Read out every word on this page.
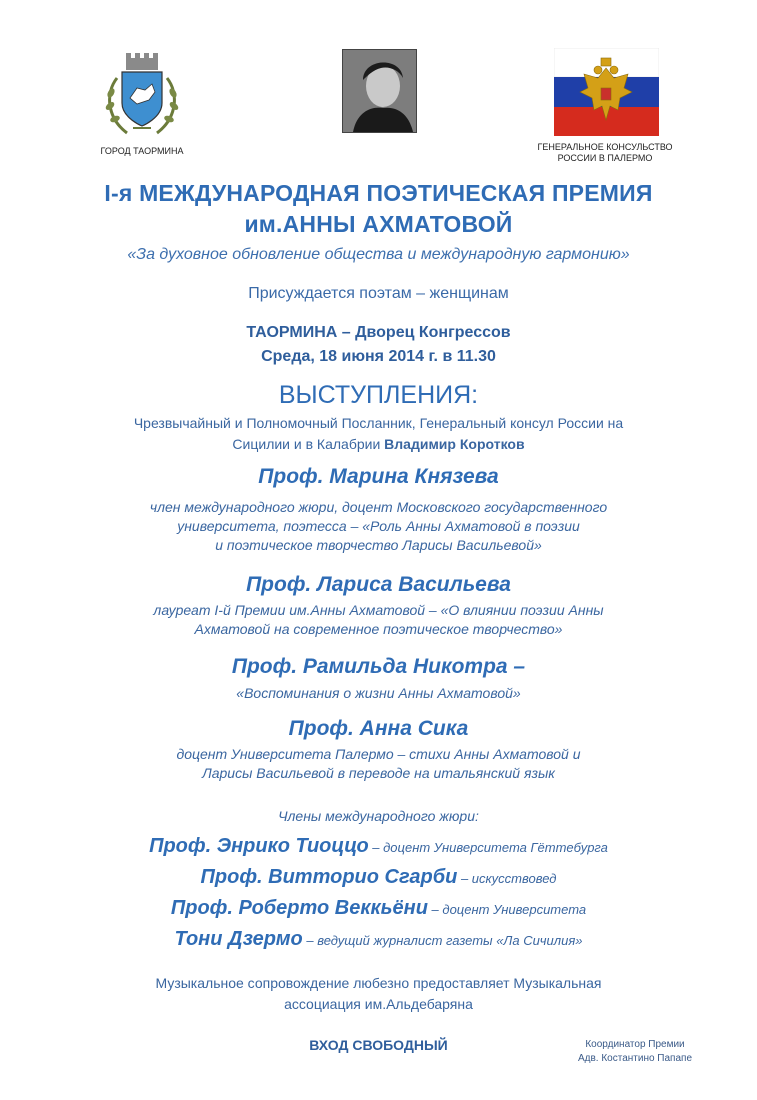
ГОРОД ТАОРМИНА	ГЕНЕРАЛЬНОЕ КОНСУЛЬСТВО
РОССИИ В ПАЛЕРМО
I-я МЕЖДУНАРОДНАЯ ПОЭТИЧЕСКАЯ ПРЕМИЯ
им.АННЫ АХМАТОВОЙ
«За духовное обновление общества и международную гармонию»
Присуждается поэтам – женщинам
ТАОРМИНА – Дворец Конгрессов
Среда, 18 июня 2014 г. в 11.30
ВЫСТУПЛЕНИЯ:
Чрезвычайный и Полномочный Посланник, Генеральный консул России на
Сицилии и в Калабрии Владимир Коротков
Проф. Марина Князева
член международного жюри, доцент Московского государственного
университета, поэтесса – «Роль Анны Ахматовой в поэзии
и поэтическое творчество Ларисы Васильевой»
Проф. Лариса Васильева
лауреат I-й Премии им.Анны Ахматовой – «О влиянии поэзии Анны
Ахматовой на современное поэтическое творчество»
Проф. Рамильда Никотра –
«Воспоминания о жизни Анны Ахматовой»
Проф. Анна Сика
доцент Университета Палермо – стихи Анны Ахматовой и
Ларисы Васильевой в переводе на итальянский язык
Члены международного жюри:
Проф. Энрико Тиоццо – доцент Университета Гёттебурга
Проф. Витторио Сгарби – искусствовед
Проф. Роберто Веккьёни – доцент Университета
Тони Дзермо – ведущий журналист газеты «Ла Сичилия»
Музыкальное сопровождение любезно предоставляет Музыкальная
ассоциация им.Альдебаряна
ВХОД СВОБОДНЫЙ	Координатор Премии
Адв. Костантино Папапе
